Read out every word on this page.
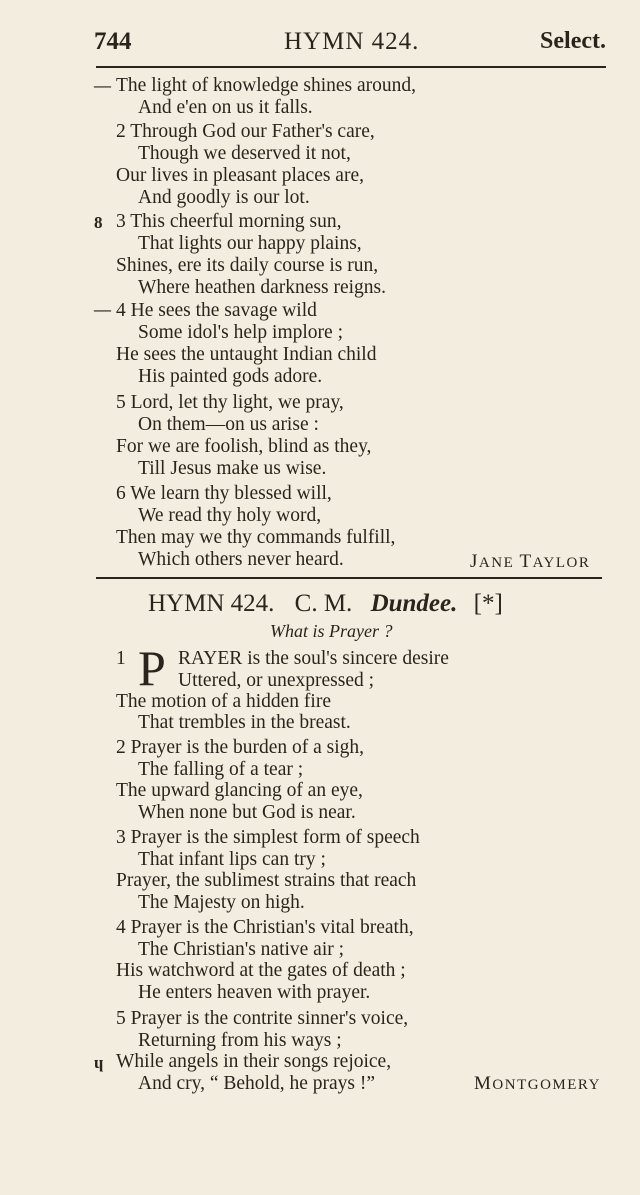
744	HYMN 424.	Select.
—
8
—
The light of knowledge shines around,
And e'en on us it falls.
2 Through God our Father's care,
Though we deserved it not,
Our lives in pleasant places are,
And goodly is our lot.
3 This cheerful morning sun,
That lights our happy plains,
Shines, ere its daily course is run,
Where heathen darkness reigns.
4 He sees the savage wild
Some idol's help implore ;
He sees the untaught Indian child
His painted gods adore.
5 Lord, let thy light, we pray,
On them—on us arise :
For we are foolish, blind as they,
Till Jesus make us wise.
6 We learn thy blessed will,
We read thy holy word,
Then may we thy commands fulfill,
Which others never heard.	JANE TAYLOR
HYMN 424. C. M. Dundee. [*]
What is Prayer ?
1 P RAYER is the soul's sincere desire
Uttered, or unexpressed ;
The motion of a hidden fire
That trembles in the breast.
2 Prayer is the burden of a sigh,
The falling of a tear ;
The upward glancing of an eye,
When none but God is near.
3 Prayer is the simplest form of speech
That infant lips can try ;
Prayer, the sublimest strains that reach
The Majesty on high.
4 Prayer is the Christian's vital breath,
The Christian's native air ;
His watchword at the gates of death ;
He enters heaven with prayer.
5 Prayer is the contrite sinner's voice,
Returning from his ways ;
ɥ While angels in their songs rejoice,
And cry, “ Behold, he prays !”	MONTGOMERY
